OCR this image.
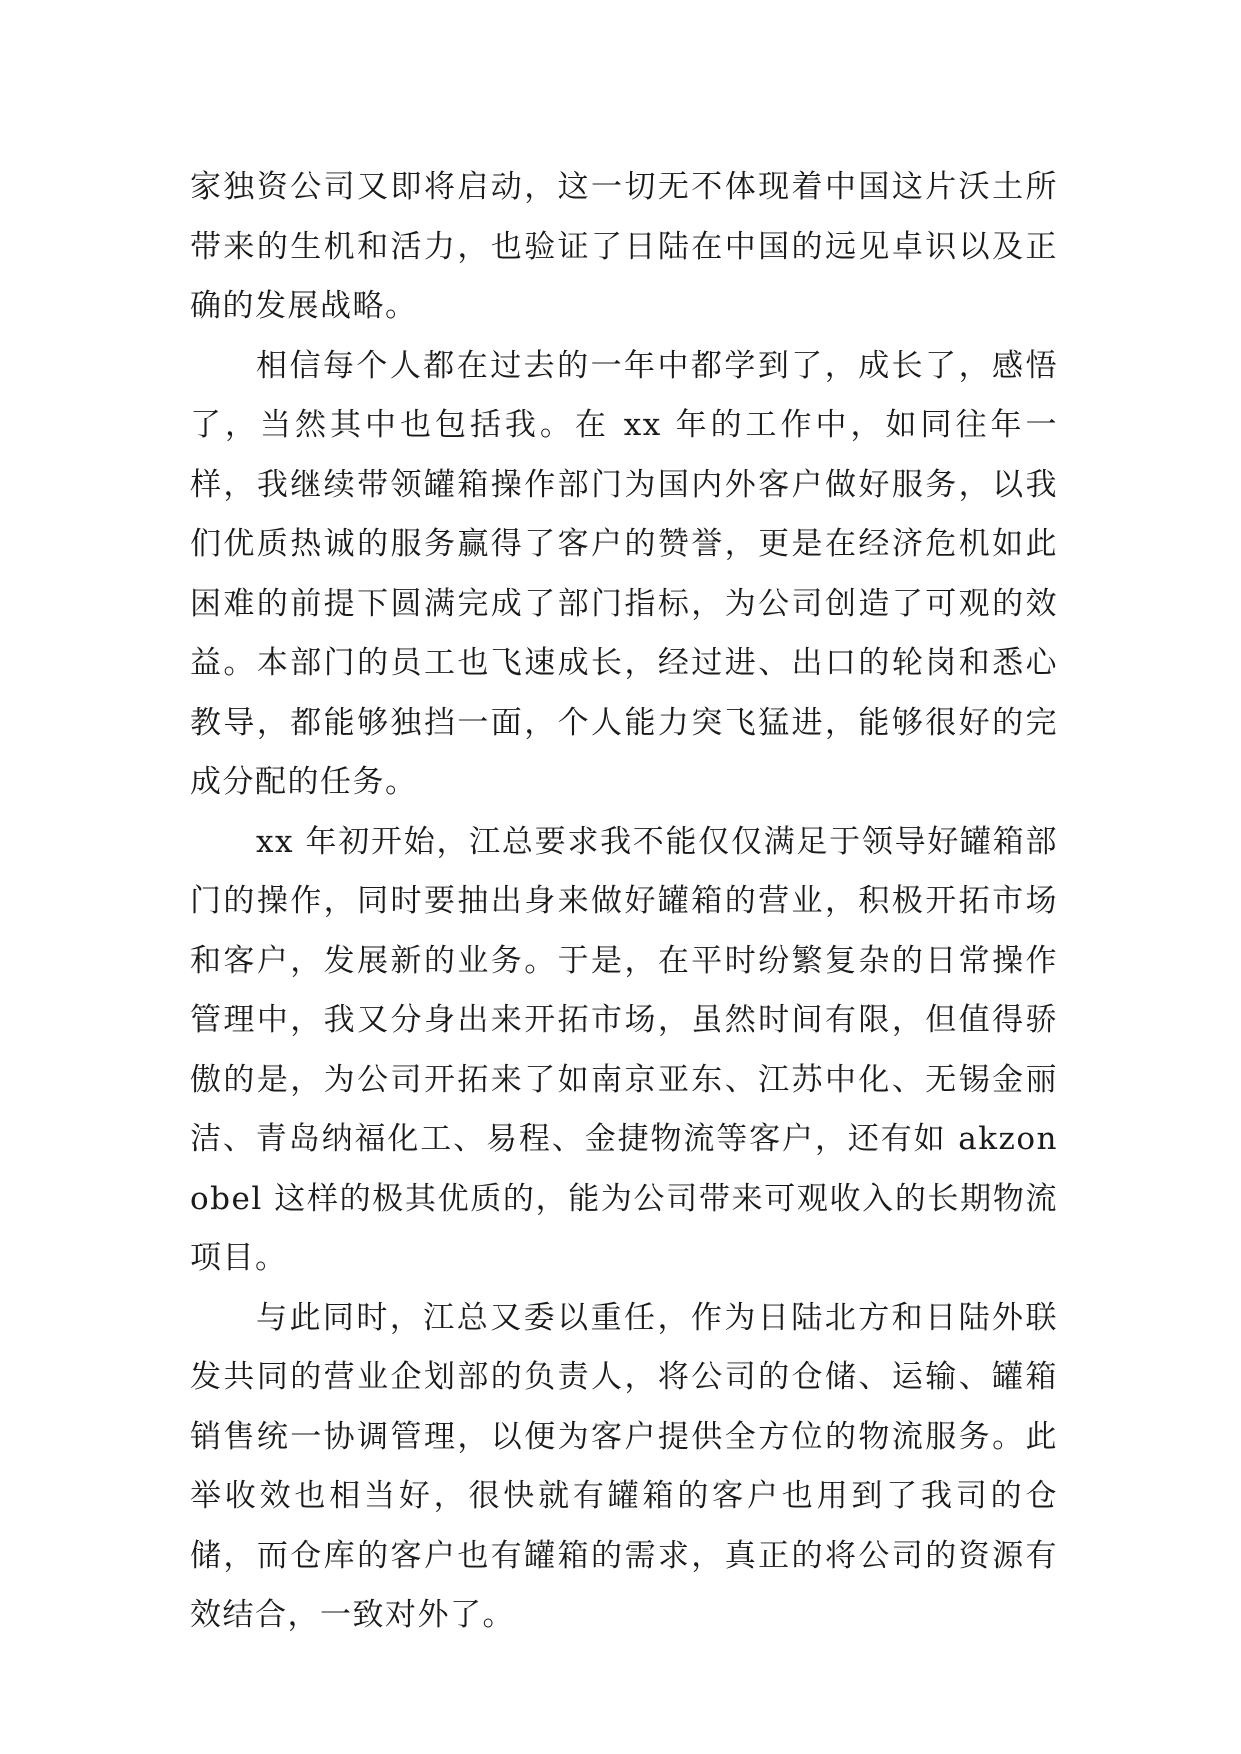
家独资公司又即将启动，这一切无不体现着中国这片沃土所带来的生机和活力，也验证了日陆在中国的远见卓识以及正确的发展战略。

相信每个人都在过去的一年中都学到了，成长了，感悟了，当然其中也包括我。在 xx 年的工作中，如同往年一样，我继续带领罐箱操作部门为国内外客户做好服务，以我们优质热诚的服务赢得了客户的赞誉，更是在经济危机如此困难的前提下圆满完成了部门指标，为公司创造了可观的效益。本部门的员工也飞速成长，经过进、出口的轮岗和悉心教导，都能够独挡一面，个人能力突飞猛进，能够很好的完成分配的任务。

xx 年初开始，江总要求我不能仅仅满足于领导好罐箱部门的操作，同时要抽出身来做好罐箱的营业，积极开拓市场和客户，发展新的业务。于是，在平时纷繁复杂的日常操作管理中，我又分身出来开拓市场，虽然时间有限，但值得骄傲的是，为公司开拓来了如南京亚东、江苏中化、无锡金丽洁、青岛纳福化工、易程、金捷物流等客户，还有如 akzonobel 这样的极其优质的，能为公司带来可观收入的长期物流项目。

与此同时，江总又委以重任，作为日陆北方和日陆外联发共同的营业企划部的负责人，将公司的仓储、运输、罐箱销售统一协调管理，以便为客户提供全方位的物流服务。此举收效也相当好，很快就有罐箱的客户也用到了我司的仓储，而仓库的客户也有罐箱的需求，真正的将公司的资源有效结合，一致对外了。
